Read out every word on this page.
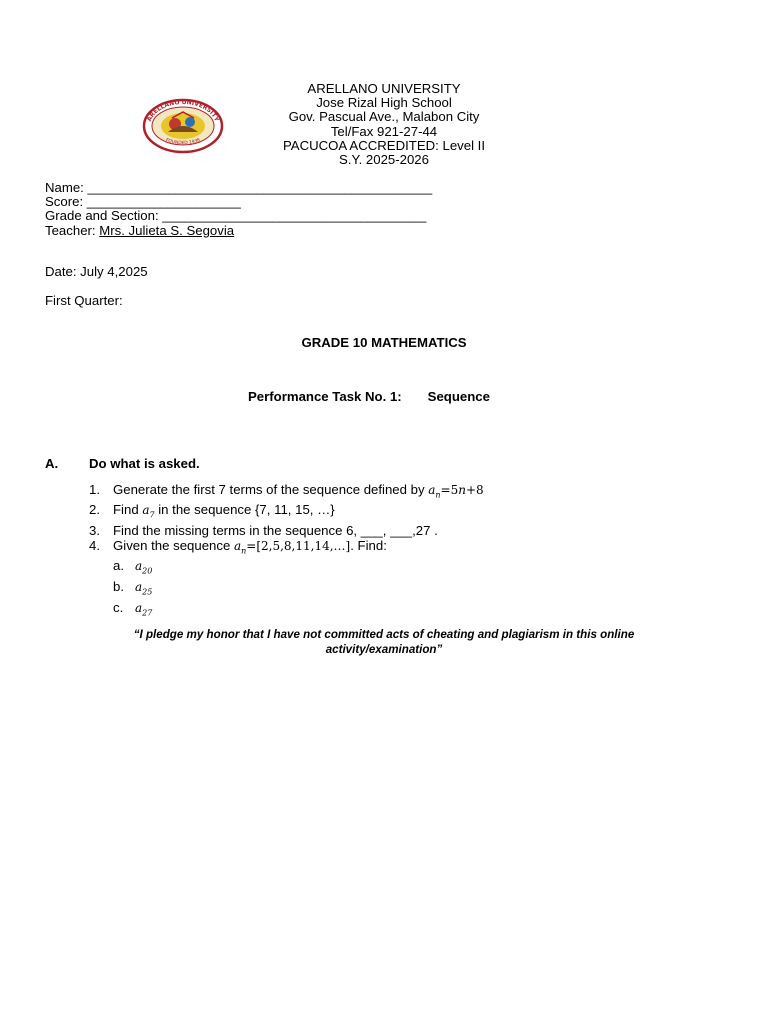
ARELLANO UNIVERSITY
FOUNDED 1938
ARELLANO UNIVERSITY
Jose Rizal High School
Gov. Pascual Ave., Malabon City
Tel/Fax 921-27-44
PACUCOA ACCREDITED: Level II
S.Y. 2025-2026
Name: _______________________________________________
Score: _____________________
Grade and Section: ____________________________________
Teacher: Mrs. Julieta S. Segovia
Date: July 4,2025
First Quarter:
GRADE 10 MATHEMATICS
Performance Task No. 1: Sequence
A. Do what is asked.
1. Generate the first 7 terms of the sequence defined by $a_n=5n+8$
2. Find $a_7$ in the sequence {7, 11, 15, …}
3. Find the missing terms in the sequence 6, ___, ___,27 .
4. Given the sequence $a_n=[2,5,8,11,14,\dots]$. Find:
a. $a_{20}$
b. $a_{25}$
c. $a_{27}$
“I pledge my honor that I have not committed acts of cheating and plagiarism in this online
activity/examination”
